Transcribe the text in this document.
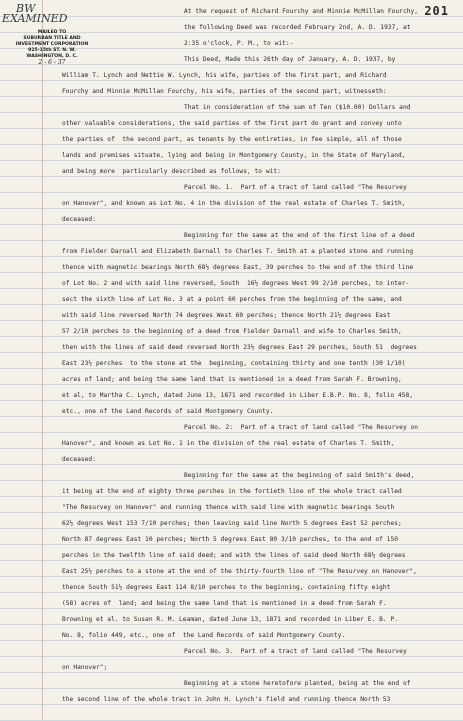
201
BW
EXAMINED
MAILED TO
SUBURBAN TITLE AND
INVESTMENT CORPORATION
925-15th ST. N. W.
WASHINGTON, D. C.
2 - 6 - 37
At the request of Richard Fourchy and Minnie McMillan Fourchy,
the following Deed was recorded February 2nd, A. D. 1937, at
2:35 o'clock, P. M., to wit:-
This Deed, Made this 26th day of January, A. D. 1937, by
William T. Lynch and Nettie W. Lynch, his wife, parties of the first part, and Richard
Fourchy and Minnie McMillan Fourchy, his wife, parties of the second part, witnesseth:
That in consideration of the sum of Ten ($10.00) Dollars and
other valuable considerations, the said parties of the first part do grant and convey unto
the parties of  the second part, as tenants by the entireties, in fee simple, all of those
lands and premises situate, lying and being in Montgomery County, in the State of Maryland,
and being more  particularly described as follows, to wit:
Parcel No. 1.  Part of a tract of land called "The Resurvey
on Hanover", and known as Lot No. 4 in the division of the real estate of Charles T. Smith,
deceased:
Beginning for the same at the end of the first line of a deed
from Fielder Darnall and Elizabeth Darnall to Charles T. Smith at a planted stone and running
thence with magnetic bearings North 68½ degrees East, 39 perches to the end of the third line
of Lot No. 2 and with said line reversed, South  16½ degrees West 99 2/10 perches, to inter-
sect the sixth line of Lot No. 3 at a point 60 perches from the beginning of the same, and
with said line reversed North 74 degrees West 60 perches; thence North 21½ degrees East
57 2/10 perches to the beginning of a deed from Fielder Darnall and wife to Charles Smith,
then with the lines of said deed reversed North 23½ degrees East 29 perches, South 51  degrees
East 23½ perches  to the stone at the  beginning, containing thirty and one tenth (30 1/10)
acres of land; and being the same land that is mentioned in a deed from Sarah F. Browning,
et al, to Martha C. Lynch, dated June 13, 1871 and recorded in Liber E.B.P. No. 8, folio 458,
etc., one of the Land Records of said Montgomery County.
Parcel No. 2:  Part of a tract of land called "The Resurvey on
Hanover", and known as Lot No. 1 in the division of the real estate of Charles T. Smith,
deceased:
Beginning for the same at the beginning of said Smith's deed,
it being at the end of eighty three perches in the fortieth line of the whole tract called
"The Resurvey on Hanover" and running thence with said line with magnetic bearings South
62½ degrees West 153 7/10 perches; then leaving said line North 5 degrees East 52 perches;
North 87 degrees East 10 perches; North 5 degrees East 80 3/10 perches, to the end of 150
perches in the twelfth line of said deed; and with the lines of said deed North 68½ degrees
East 25½ perches to a stone at the end of the thirty-fourth line of "The Resurvey on Hanover",
thence South 51½ degrees East 114 8/10 perches to the beginning, containing fifty eight
(58) acres of  land; and being the same land that is mentioned in a deed from Sarah F.
Browning et al. to Susan R. M. Leaman, dated June 13, 1871 and recorded in Liber E. B. P.
No. 8, folio 449, etc., one of  the Land Records of said Montgomery County.
Parcel No. 3.  Part of a tract of land called "The Resurvey
on Hanover";
Beginning at a stone heretofore planted, being at the end of
the second line of the whole tract in John H. Lynch's field and running thence North 53
